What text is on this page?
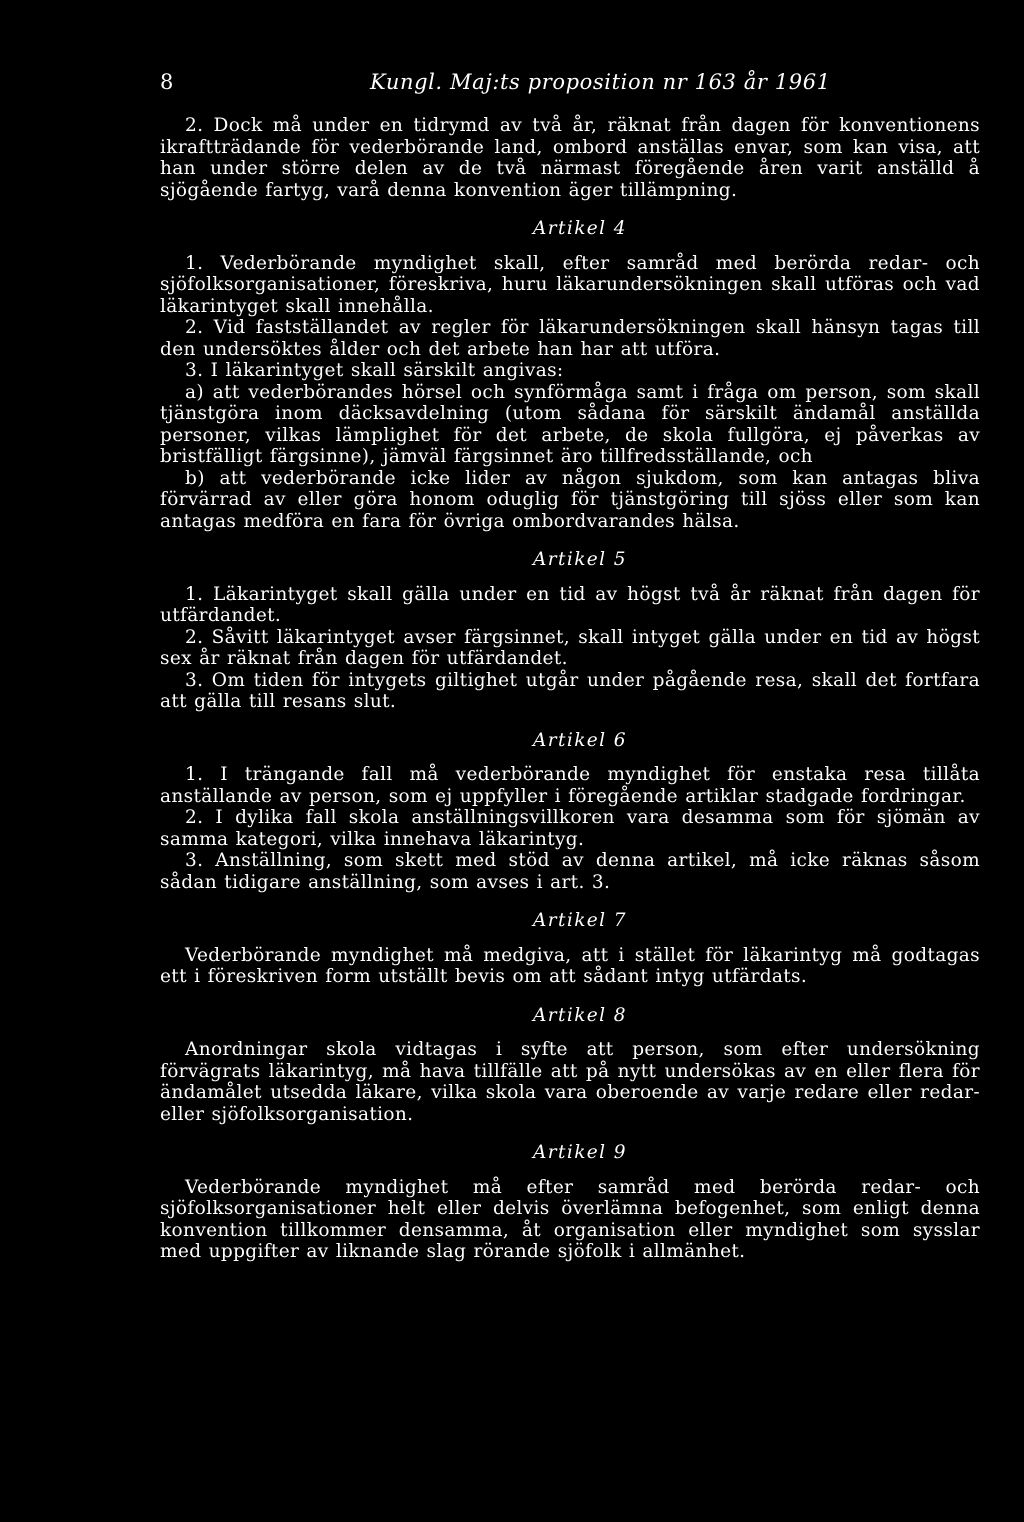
8	Kungl. Maj:ts proposition nr 163 år 1961

2. Dock må under en tidrymd av två år, räknat från dagen för konventionens ikraftträdande för vederbörande land, ombord anställas envar, som kan visa, att han under större delen av de två närmast föregående åren varit anställd å sjögående fartyg, varå denna konvention äger tillämpning.

Artikel 4

1. Vederbörande myndighet skall, efter samråd med berörda redar- och sjöfolksorganisationer, föreskriva, huru läkarundersökningen skall utföras och vad läkarintyget skall innehålla.

2. Vid fastställandet av regler för läkarundersökningen skall hänsyn tagas till den undersöktes ålder och det arbete han har att utföra.

3. I läkarintyget skall särskilt angivas:

a) att vederbörandes hörsel och synförmåga samt i fråga om person, som skall tjänstgöra inom däcksavdelning (utom sådana för särskilt ändamål anställda personer, vilkas lämplighet för det arbete, de skola fullgöra, ej påverkas av bristfälligt färgsinne), jämväl färgsinnet äro tillfredsställande, och

b) att vederbörande icke lider av någon sjukdom, som kan antagas bliva förvärrad av eller göra honom oduglig för tjänstgöring till sjöss eller som kan antagas medföra en fara för övriga ombordvarandes hälsa.

Artikel 5

1. Läkarintyget skall gälla under en tid av högst två år räknat från dagen för utfärdandet.

2. Såvitt läkarintyget avser färgsinnet, skall intyget gälla under en tid av högst sex år räknat från dagen för utfärdandet.

3. Om tiden för intygets giltighet utgår under pågående resa, skall det fortfara att gälla till resans slut.

Artikel 6

1. I trängande fall må vederbörande myndighet för enstaka resa tillåta anställande av person, som ej uppfyller i föregående artiklar stadgade fordringar.

2. I dylika fall skola anställningsvillkoren vara desamma som för sjömän av samma kategori, vilka innehava läkarintyg.

3. Anställning, som skett med stöd av denna artikel, må icke räknas såsom sådan tidigare anställning, som avses i art. 3.

Artikel 7

Vederbörande myndighet må medgiva, att i stället för läkarintyg må godtagas ett i föreskriven form utställt bevis om att sådant intyg utfärdats.

Artikel 8

Anordningar skola vidtagas i syfte att person, som efter undersökning förvägrats läkarintyg, må hava tillfälle att på nytt undersökas av en eller flera för ändamålet utsedda läkare, vilka skola vara oberoende av varje redare eller redar- eller sjöfolksorganisation.

Artikel 9

Vederbörande myndighet må efter samråd med berörda redar- och sjöfolksorganisationer helt eller delvis överlämna befogenhet, som enligt denna konvention tillkommer densamma, åt organisation eller myndighet som sysslar med uppgifter av liknande slag rörande sjöfolk i allmänhet.
